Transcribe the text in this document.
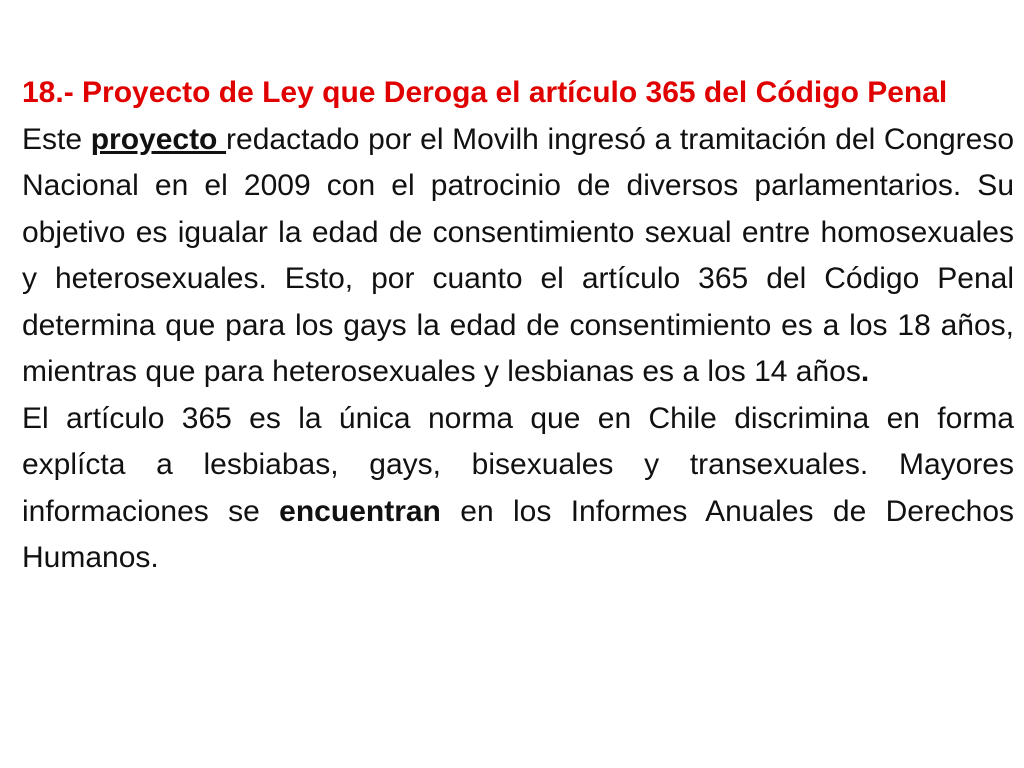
18.- Proyecto de Ley que Deroga el artículo 365 del Código Penal

Este proyecto redactado por el Movilh ingresó a tramitación del Congreso Nacional en el 2009 con el patrocinio de diversos parlamentarios. Su objetivo es igualar la edad de consentimiento sexual entre homosexuales y heterosexuales. Esto, por cuanto el artículo 365 del Código Penal determina que para los gays la edad de consentimiento es a los 18 años, mientras que para heterosexuales y lesbianas es a los 14 años.

El artículo 365 es la única norma que en Chile discrimina en forma explícta a lesbiabas, gays, bisexuales y transexuales. Mayores informaciones se encuentran en los Informes Anuales de Derechos Humanos.
